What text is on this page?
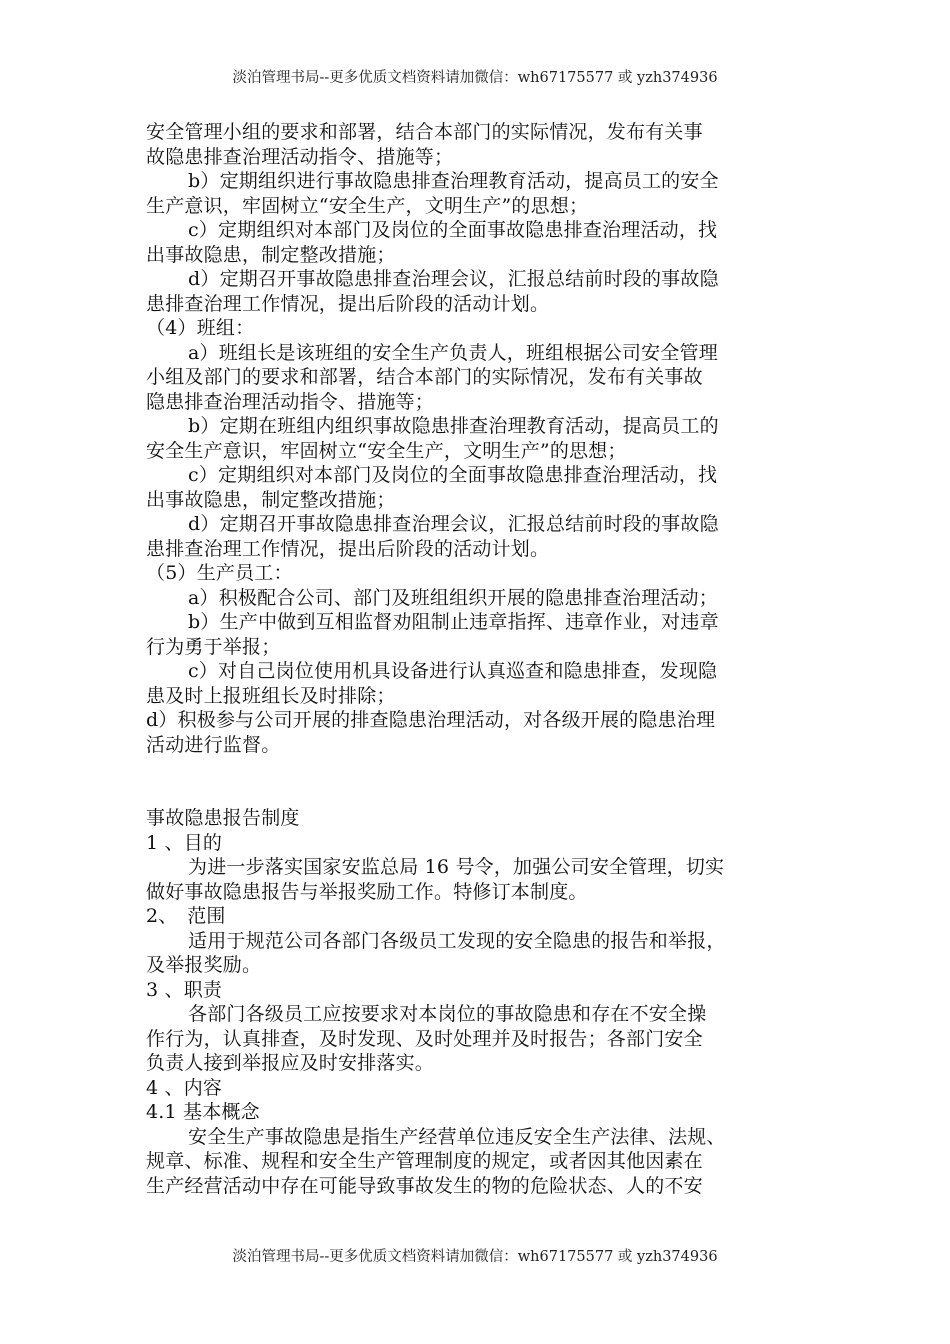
淡泊管理书局--更多优质文档资料请加微信：wh67175577 或 yzh374936
安全管理小组的要求和部署，结合本部门的实际情况，发布有关事
故隐患排查治理活动指令、措施等；
b）定期组织进行事故隐患排查治理教育活动，提高员工的安全
生产意识，牢固树立“安全生产，文明生产”的思想；
c）定期组织对本部门及岗位的全面事故隐患排查治理活动，找
出事故隐患，制定整改措施；
d）定期召开事故隐患排查治理会议，汇报总结前时段的事故隐
患排查治理工作情况，提出后阶段的活动计划。
（4）班组：
a）班组长是该班组的安全生产负责人，班组根据公司安全管理
小组及部门的要求和部署，结合本部门的实际情况，发布有关事故
隐患排查治理活动指令、措施等；
b）定期在班组内组织事故隐患排查治理教育活动，提高员工的
安全生产意识，牢固树立“安全生产，文明生产”的思想；
c）定期组织对本部门及岗位的全面事故隐患排查治理活动，找
出事故隐患，制定整改措施；
d）定期召开事故隐患排查治理会议，汇报总结前时段的事故隐
患排查治理工作情况，提出后阶段的活动计划。
（5）生产员工：
a）积极配合公司、部门及班组组织开展的隐患排查治理活动；
b）生产中做到互相监督劝阻制止违章指挥、违章作业，对违章
行为勇于举报；
c）对自己岗位使用机具设备进行认真巡查和隐患排查，发现隐
患及时上报班组长及时排除；
d）积极参与公司开展的排查隐患治理活动，对各级开展的隐患治理
活动进行监督。
事故隐患报告制度
1 、目的
为进一步落实国家安监总局 16 号令，加强公司安全管理，切实
做好事故隐患报告与举报奖励工作。特修订本制度。
2、　范围
适用于规范公司各部门各级员工发现的安全隐患的报告和举报，
及举报奖励。
3 、职责
各部门各级员工应按要求对本岗位的事故隐患和存在不安全操
作行为，认真排查，及时发现、及时处理并及时报告；各部门安全
负责人接到举报应及时安排落实。
4 、内容
4.1 基本概念
安全生产事故隐患是指生产经营单位违反安全生产法律、法规、
规章、标准、规程和安全生产管理制度的规定，或者因其他因素在
生产经营活动中存在可能导致事故发生的物的危险状态、人的不安
淡泊管理书局--更多优质文档资料请加微信：wh67175577 或 yzh374936
